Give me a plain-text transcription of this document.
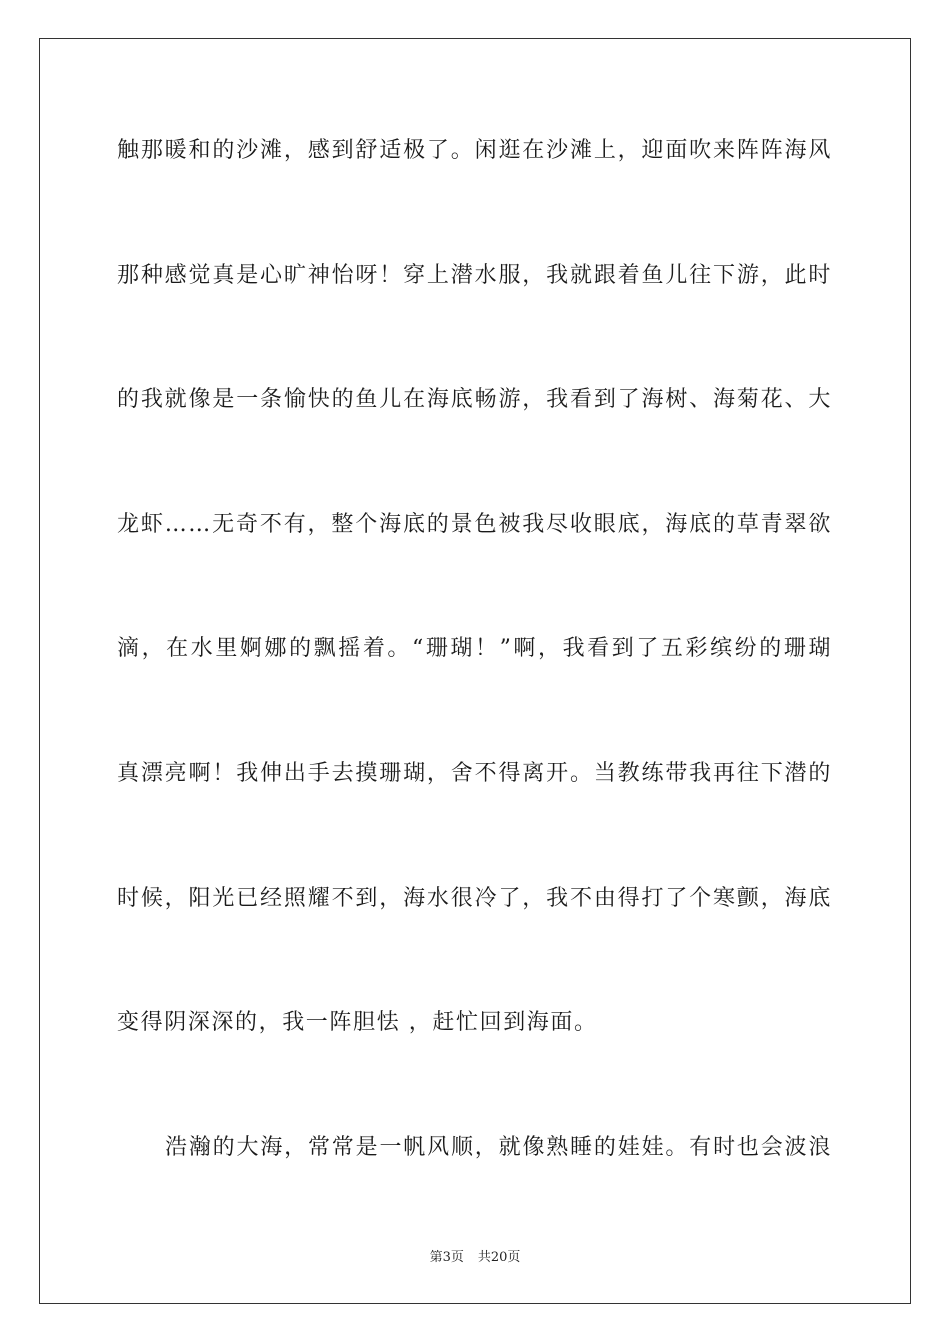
触那暖和的沙滩，感到舒适极了。闲逛在沙滩上，迎面吹来阵阵海风
那种感觉真是心旷神怡呀！穿上潜水服，我就跟着鱼儿往下游，此时
的我就像是一条愉快的鱼儿在海底畅游，我看到了海树、海菊花、大
龙虾……无奇不有，整个海底的景色被我尽收眼底，海底的草青翠欲
滴，在水里婀娜的飘摇着。“珊瑚！”啊，我看到了五彩缤纷的珊瑚
真漂亮啊！我伸出手去摸珊瑚，舍不得离开。当教练带我再往下潜的
时候，阳光已经照耀不到，海水很冷了，我不由得打了个寒颤，海底
变得阴深深的，我一阵胆怯 ，赶忙回到海面。
浩瀚的大海，常常是一帆风顺，就像熟睡的娃娃。有时也会波浪
第3页 共20页
